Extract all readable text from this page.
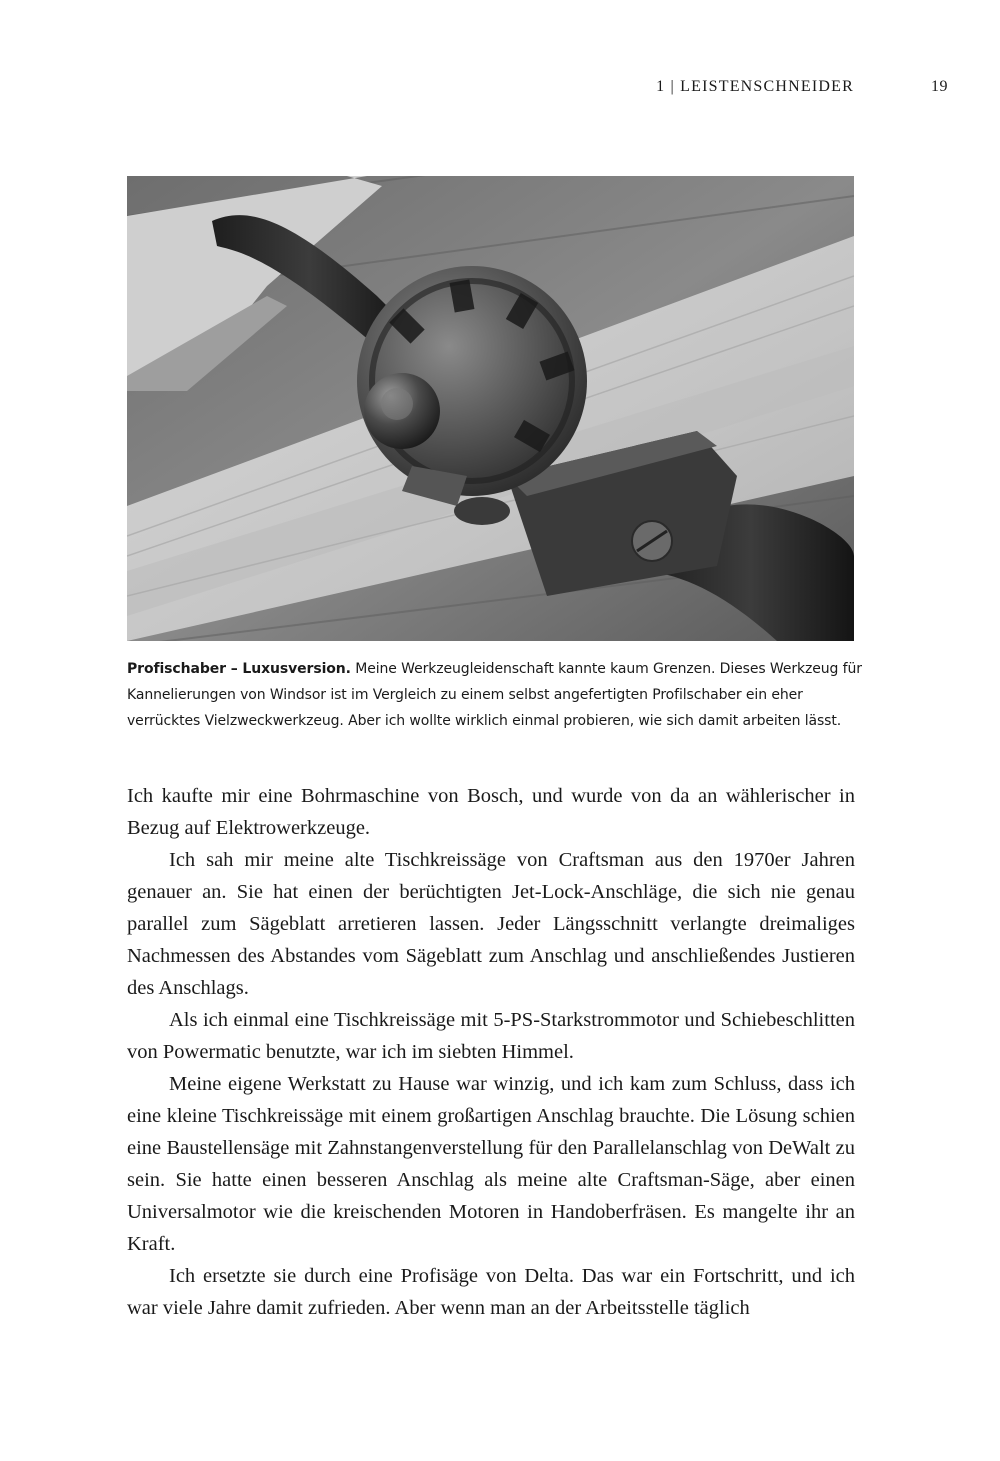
1 | LEISTENSCHNEIDER	19
Profischaber – Luxusversion. Meine Werkzeugleidenschaft kannte kaum Grenzen. Dieses Werkzeug für Kannelierungen von Windsor ist im Vergleich zu einem selbst angefertigten Profilschaber ein eher verrücktes Vielzweckwerkzeug. Aber ich wollte wirklich einmal probieren, wie sich damit arbeiten lässt.

Ich kaufte mir eine Bohrmaschine von Bosch, und wurde von da an wählerischer in Bezug auf Elektrowerkzeuge.

Ich sah mir meine alte Tischkreissäge von Craftsman aus den 1970er Jahren genauer an. Sie hat einen der berüchtigten Jet-Lock-Anschläge, die sich nie genau parallel zum Sägeblatt arretieren lassen. Jeder Längsschnitt verlangte dreimaliges Nachmessen des Abstandes vom Sägeblatt zum Anschlag und anschließendes Justieren des Anschlags.

Als ich einmal eine Tischkreissäge mit 5-PS-Starkstrommotor und Schiebeschlitten von Powermatic benutzte, war ich im siebten Himmel.

Meine eigene Werkstatt zu Hause war winzig, und ich kam zum Schluss, dass ich eine kleine Tischkreissäge mit einem großartigen Anschlag brauchte. Die Lösung schien eine Baustellensäge mit Zahnstangenverstellung für den Parallelanschlag von DeWalt zu sein. Sie hatte einen besseren Anschlag als meine alte Craftsman-Säge, aber einen Universalmotor wie die kreischenden Motoren in Handoberfräsen. Es mangelte ihr an Kraft.

Ich ersetzte sie durch eine Profisäge von Delta. Das war ein Fortschritt, und ich war viele Jahre damit zufrieden. Aber wenn man an der Arbeitsstelle täglich
